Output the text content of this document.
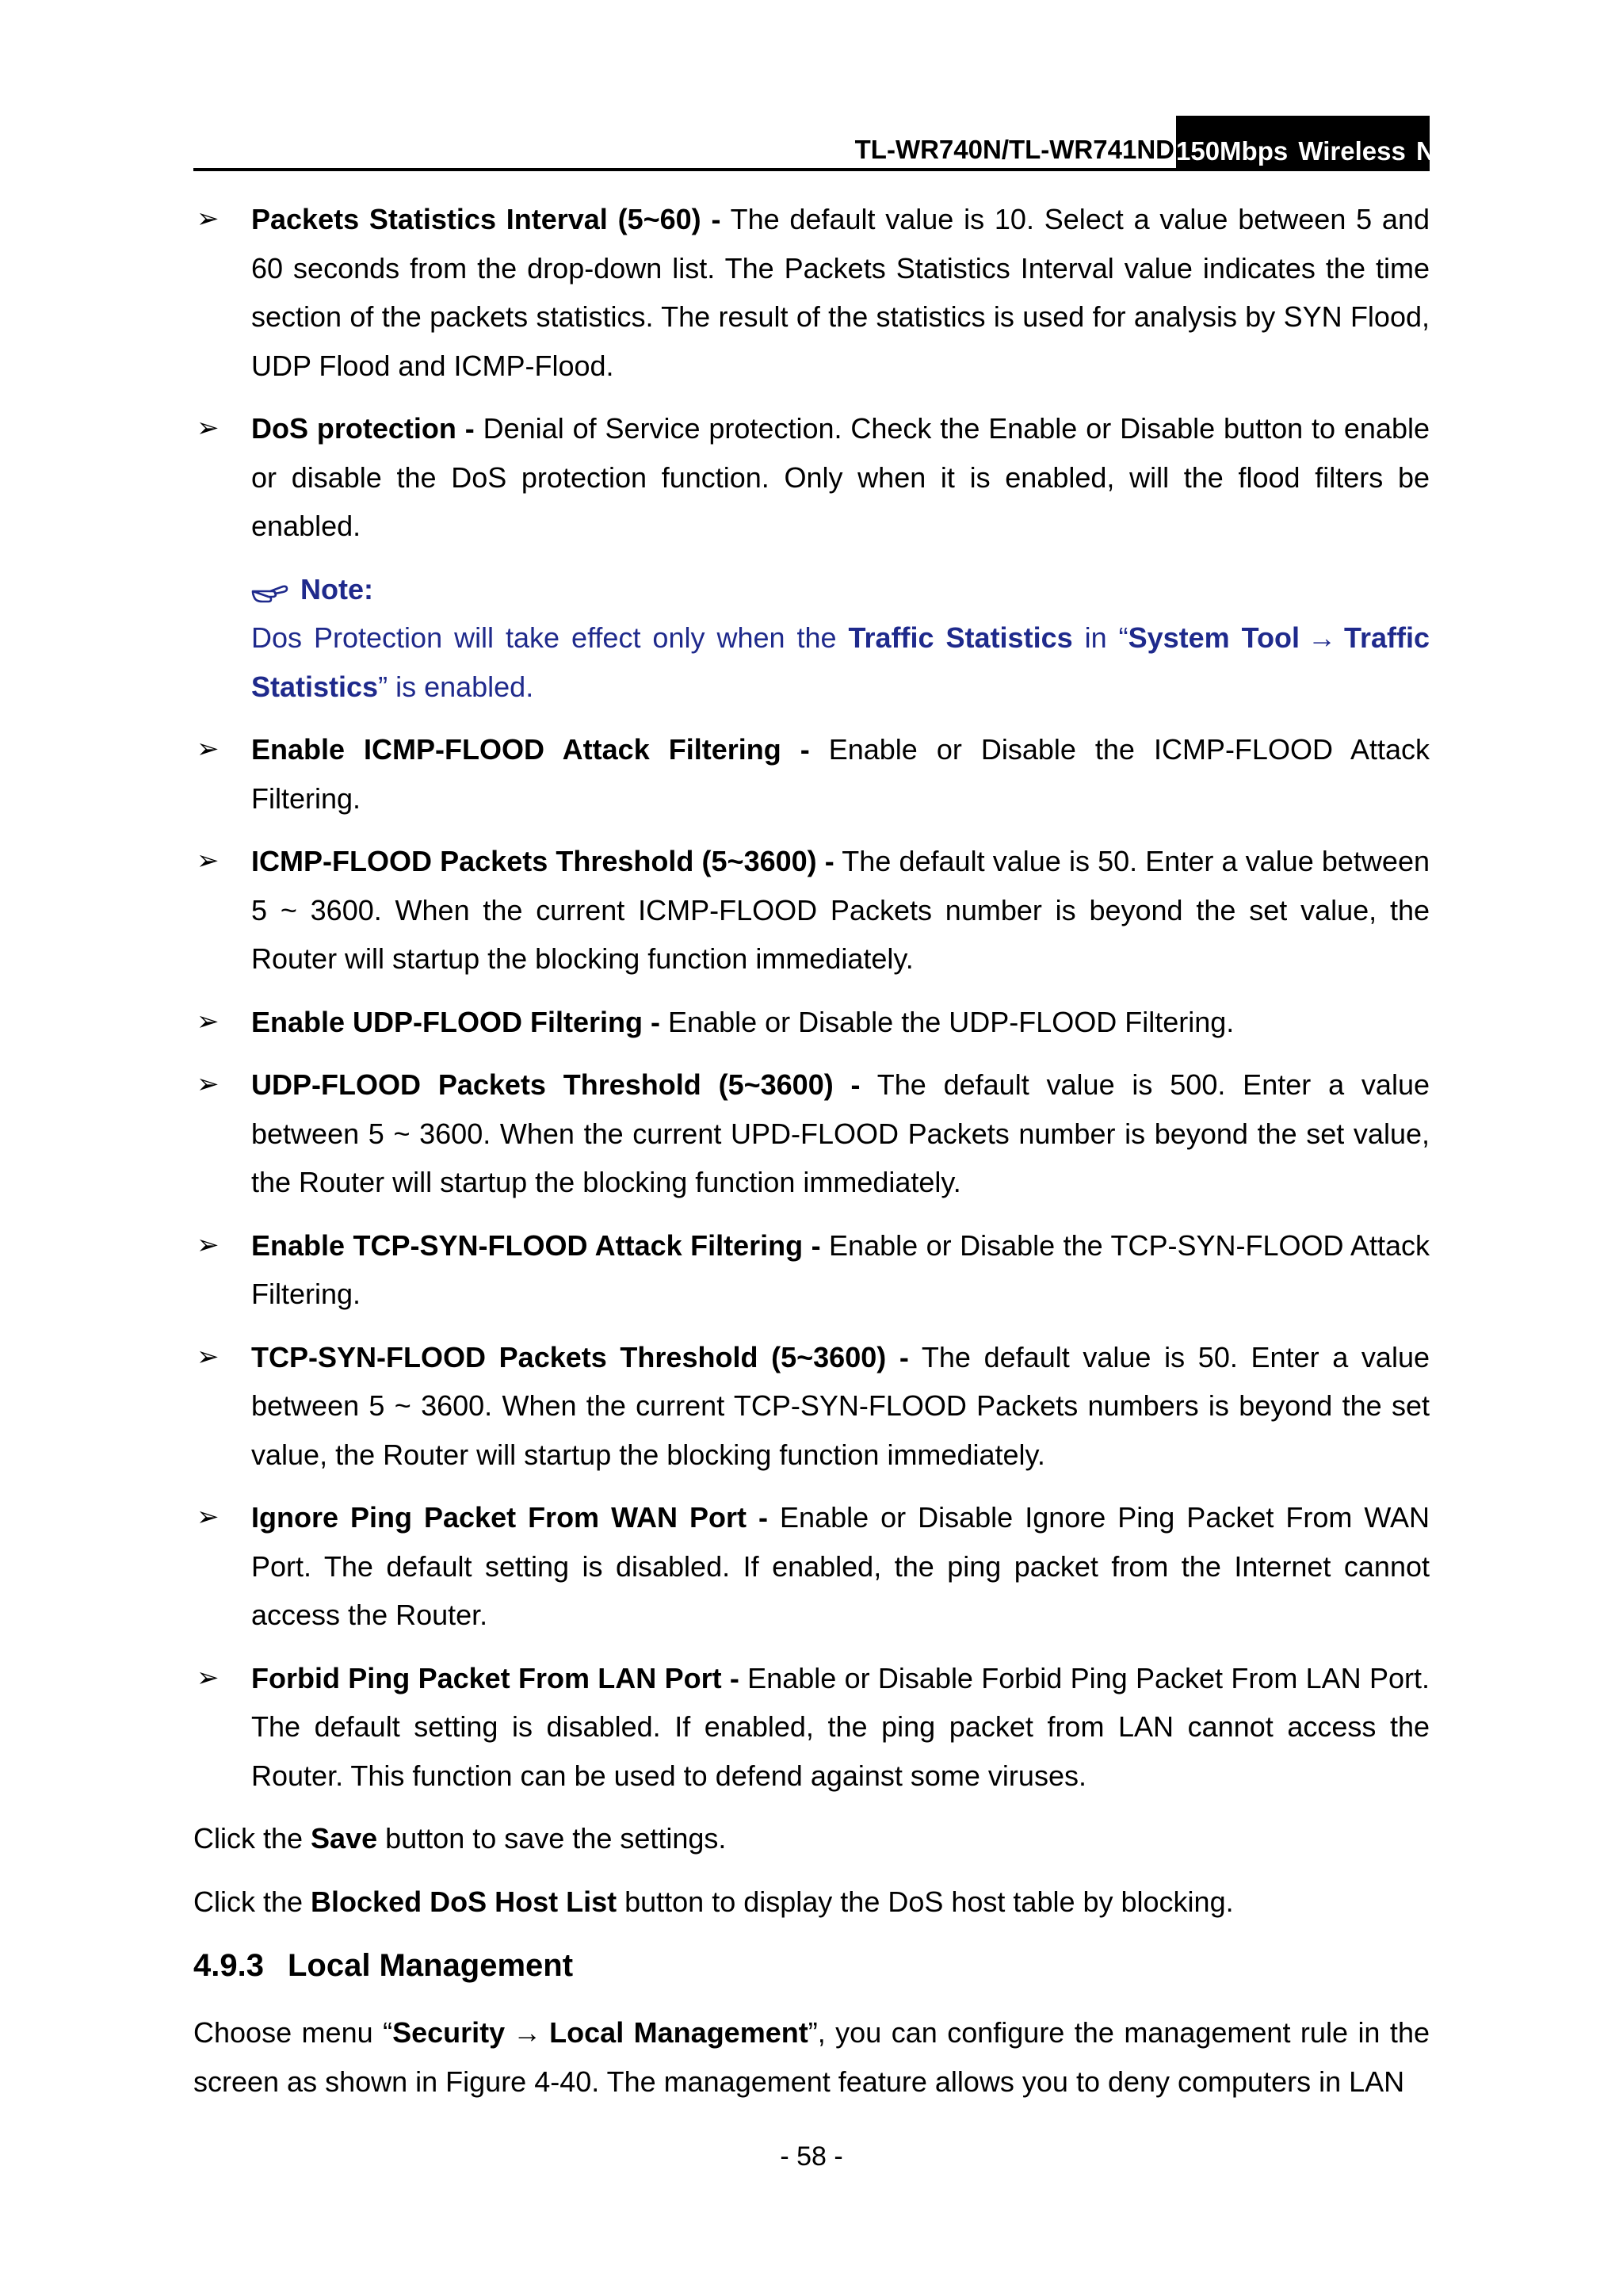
TL-WR740N/TL-WR741ND 150Mbps Wireless N Router
➢ Packets Statistics Interval (5~60) - The default value is 10. Select a value between 5 and 60 seconds from the drop-down list. The Packets Statistics Interval value indicates the time section of the packets statistics. The result of the statistics is used for analysis by SYN Flood, UDP Flood and ICMP-Flood.
➢ DoS protection - Denial of Service protection. Check the Enable or Disable button to enable or disable the DoS protection function. Only when it is enabled, will the flood filters be enabled.
Note:
Dos Protection will take effect only when the Traffic Statistics in “System Tool → Traffic Statistics” is enabled.
➢ Enable ICMP-FLOOD Attack Filtering - Enable or Disable the ICMP-FLOOD Attack Filtering.
➢ ICMP-FLOOD Packets Threshold (5~3600) - The default value is 50. Enter a value between 5 ~ 3600. When the current ICMP-FLOOD Packets number is beyond the set value, the Router will startup the blocking function immediately.
➢ Enable UDP-FLOOD Filtering - Enable or Disable the UDP-FLOOD Filtering.
➢ UDP-FLOOD Packets Threshold (5~3600) - The default value is 500. Enter a value between 5 ~ 3600. When the current UPD-FLOOD Packets number is beyond the set value, the Router will startup the blocking function immediately.
➢ Enable TCP-SYN-FLOOD Attack Filtering - Enable or Disable the TCP-SYN-FLOOD Attack Filtering.
➢ TCP-SYN-FLOOD Packets Threshold (5~3600) - The default value is 50. Enter a value between 5 ~ 3600. When the current TCP-SYN-FLOOD Packets numbers is beyond the set value, the Router will startup the blocking function immediately.
➢ Ignore Ping Packet From WAN Port - Enable or Disable Ignore Ping Packet From WAN Port. The default setting is disabled. If enabled, the ping packet from the Internet cannot access the Router.
➢ Forbid Ping Packet From LAN Port - Enable or Disable Forbid Ping Packet From LAN Port. The default setting is disabled. If enabled, the ping packet from LAN cannot access the Router. This function can be used to defend against some viruses.
Click the Save button to save the settings.
Click the Blocked DoS Host List button to display the DoS host table by blocking.
4.9.3 Local Management
Choose menu “Security → Local Management”, you can configure the management rule in the screen as shown in Figure 4-40. The management feature allows you to deny computers in LAN
- 58 -
